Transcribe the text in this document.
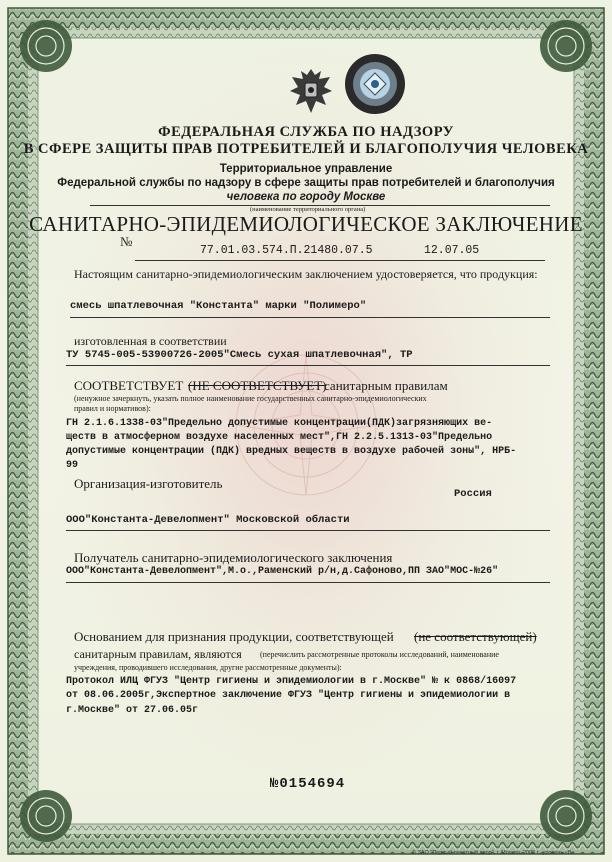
ФЕДЕРАЛЬНАЯ СЛУЖБА ПО НАДЗОРУ
В СФЕРЕ ЗАЩИТЫ ПРАВ ПОТРЕБИТЕЛЕЙ И БЛАГОПОЛУЧИЯ ЧЕЛОВЕКА
Территориальное управление
Федеральной службы по надзору в сфере защиты прав потребителей и благополучия
человека по городу Москве
(наименование территориального органа)
САНИТАРНО-ЭПИДЕМИОЛОГИЧЕСКОЕ ЗАКЛЮЧЕНИЕ
№
77.01.03.574.П.21480.07.5	12.07.05
Настоящим санитарно-эпидемиологическим заключением удостоверяется, что продукция:
смесь шпатлевочная "Константа" марки "Полимеро"
изготовленная в соответствии
ТУ 5745-005-53900726-2005"Смесь сухая шпатлевочная", ТР
СООТВЕТСТВУЕТ (НЕ СООТВЕТСТВУЕТ)
санитарным правилам
(ненужное зачеркнуть, указать полное наименование государственных санитарно-эпидемиологических
правил и нормативов):
ГН 2.1.6.1338-03"Предельно допустимые концентрации(ПДК)загрязняющих ве-
ществ в атмосферном воздухе населенных мест",ГН 2.2.5.1313-03"Предельно
допустимые концентрации (ПДК) вредных веществ в воздухе рабочей зоны", НРБ-
99
Организация-изготовитель
Россия
ООО"Константа-Девелопмент" Московской области
Получатель санитарно-эпидемиологического заключения
ООО"Константа-Девелопмент",М.о.,Раменский р/н,д.Сафоново,ПП ЗАО"МОС-№26"
Основанием для признания продукции, соответствующей (не соответствующей)
санитарным правилам, являются (перечислить рассмотренные протоколы исследований, наименование
учреждения, проводившего исследования, другие рассмотренные документы):
Протокол ИЛЦ ФГУЗ "Центр гигиены и эпидемиологии в г.Москве" № к 0868/16097
от 08.06.2005г,Экспертное заключение ФГУЗ "Центр гигиены и эпидемиологии в
г.Москве" от 27.06.05г
№0154694
© ЗАО "Первый печатный двор", г. Москва, 2005 г., уровень «В»
